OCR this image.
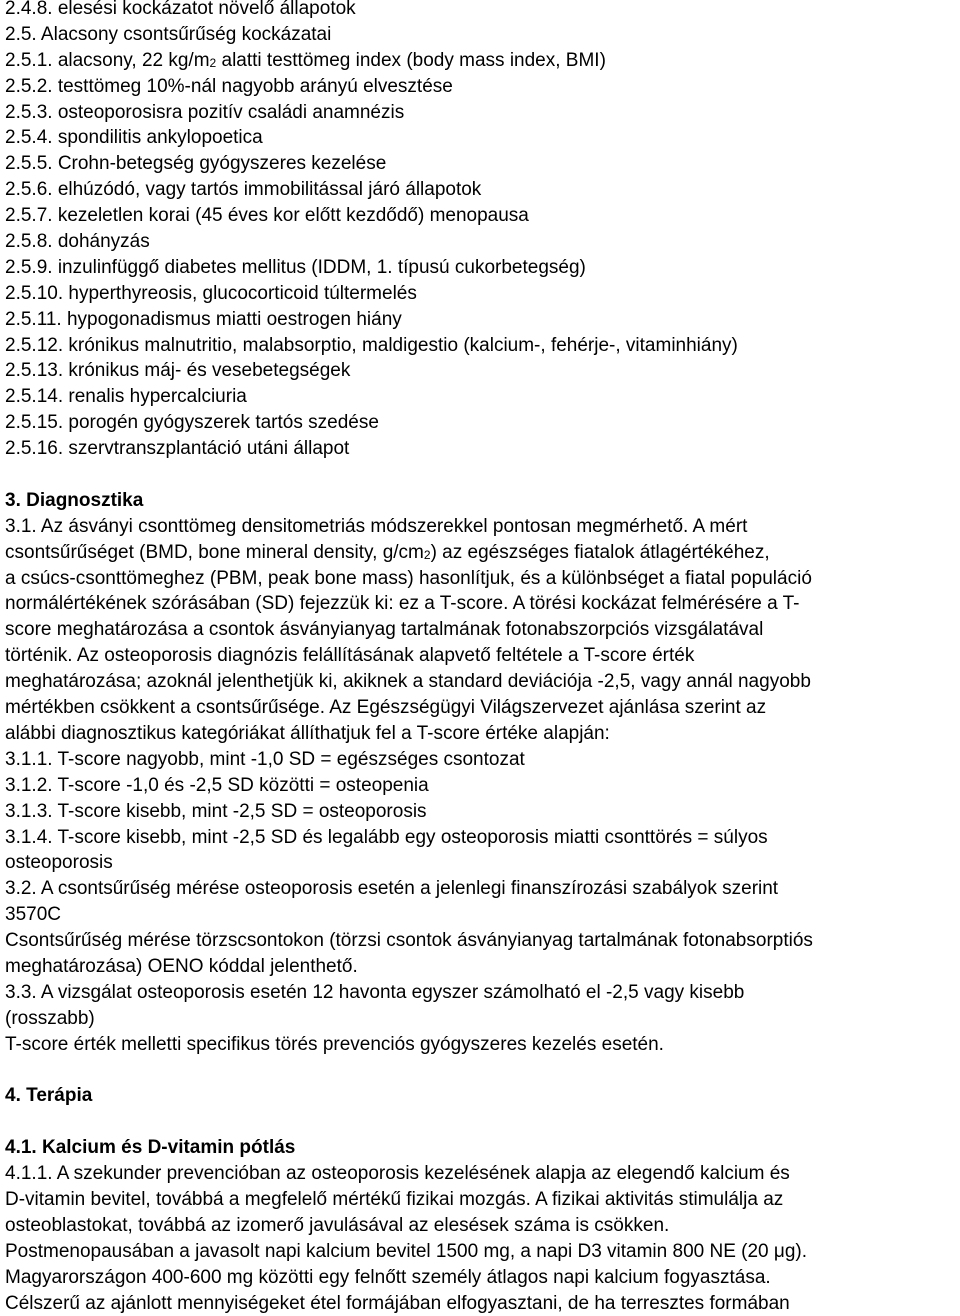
2.4.8. elesési kockázatot növelő állapotok
2.5. Alacsony csontsűrűség kockázatai
2.5.1. alacsony, 22 $kg/m_2$ alatti testtömeg index (body mass index, BMI)
2.5.2. testtömeg 10%-nál nagyobb arányú elvesztése
2.5.3. osteoporosisra pozitív családi anamnézis
2.5.4. spondilitis ankylopoetica
2.5.5. Crohn-betegség gyógyszeres kezelése
2.5.6. elhúzódó, vagy tartós immobilitással járó állapotok
2.5.7. kezeletlen korai (45 éves kor előtt kezdődő) menopausa
2.5.8. dohányzás
2.5.9. inzulinfüggő diabetes mellitus (IDDM, 1. típusú cukorbetegség)
2.5.10. hyperthyreosis, glucocorticoid túltermelés
2.5.11. hypogonadismus miatti oestrogen hiány
2.5.12. krónikus malnutritio, malabsorptio, maldigestio (kalcium-, fehérje-, vitaminhiány)
2.5.13. krónikus máj- és vesebetegségek
2.5.14. renalis hypercalciuria
2.5.15. porogén gyógyszerek tartós szedése
2.5.16. szervtranszplantáció utáni állapot
3. Diagnosztika
3.1. Az ásványi csonttömeg densitometriás módszerekkel pontosan megmérhető. A mért
csontsűrűséget (BMD, bone mineral density, $g/cm_2$) az egészséges fiatalok átlagértékéhez,
a csúcs-csonttömeghez (PBM, peak bone mass) hasonlítjuk, és a különbséget a fiatal populáció
normálértékének szórásában (SD) fejezzük ki: ez a T-score. A törési kockázat felmérésére a T-
score meghatározása a csontok ásványianyag tartalmának fotonabszorpciós vizsgálatával
történik. Az osteoporosis diagnózis felállításának alapvető feltétele a T-score érték
meghatározása; azoknál jelenthetjük ki, akiknek a standard deviációja -2,5, vagy annál nagyobb
mértékben csökkent a csontsűrűsége. Az Egészségügyi Világszervezet ajánlása szerint az
alábbi diagnosztikus kategóriákat állíthatjuk fel a T-score értéke alapján:
3.1.1. T-score nagyobb, mint -1,0 SD = egészséges csontozat
3.1.2. T-score -1,0 és -2,5 SD közötti = osteopenia
3.1.3. T-score kisebb, mint -2,5 SD = osteoporosis
3.1.4. T-score kisebb, mint -2,5 SD és legalább egy osteoporosis miatti csonttörés = súlyos
osteoporosis
3.2. A csontsűrűség mérése osteoporosis esetén a jelenlegi finanszírozási szabályok szerint
3570C
Csontsűrűség mérése törzscsontokon (törzsi csontok ásványianyag tartalmának fotonabsorptiós
meghatározása) OENO kóddal jelenthető.
3.3. A vizsgálat osteoporosis esetén 12 havonta egyszer számolható el -2,5 vagy kisebb
(rosszabb)
T-score érték melletti specifikus törés prevenciós gyógyszeres kezelés esetén.
4. Terápia
4.1. Kalcium és D-vitamin pótlás
4.1.1. A szekunder prevencióban az osteoporosis kezelésének alapja az elegendő kalcium és
D-vitamin bevitel, továbbá a megfelelő mértékű fizikai mozgás. A fizikai aktivitás stimulálja az
osteoblastokat, továbbá az izomerő javulásával az elesések száma is csökken.
Postmenopausában a javasolt napi kalcium bevitel 1500 mg, a napi D3 vitamin 800 NE (20 μg).
Magyarországon 400-600 mg közötti egy felnőtt személy átlagos napi kalcium fogyasztása.
Célszerű az ajánlott mennyiségeket étel formájában elfogyasztani, de ha terresztes formában
